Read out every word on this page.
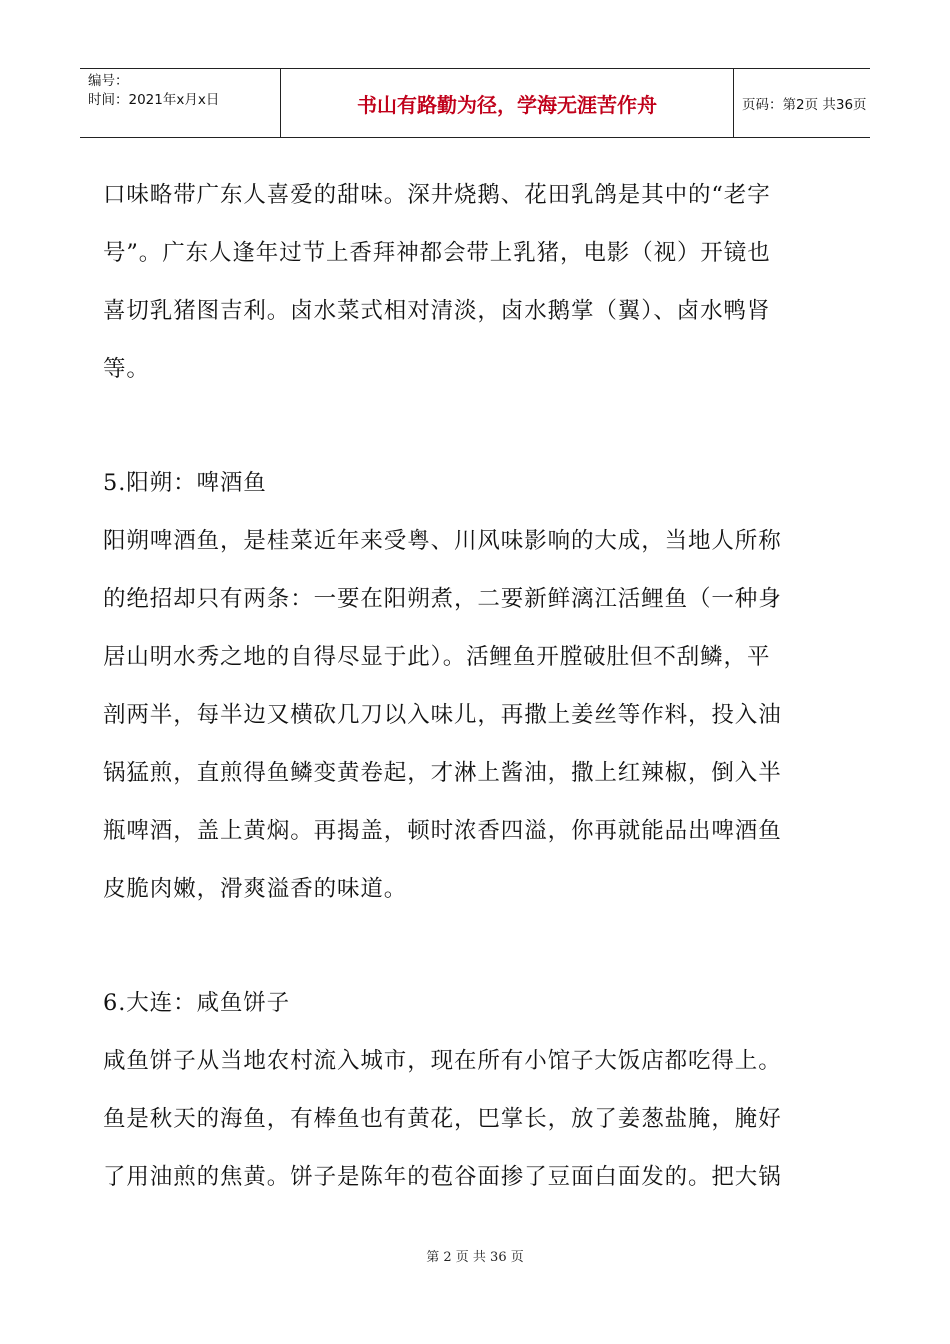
编号：
时间：2021年x月x日	书山有路勤为径，学海无涯苦作舟	页码：第2页 共36页
口味略带广东人喜爱的甜味。深井烧鹅、花田乳鸽是其中的“老字
号”。广东人逢年过节上香拜神都会带上乳猪，电影（视）开镜也
喜切乳猪图吉利。卤水菜式相对清淡，卤水鹅掌（翼）、卤水鸭肾
等。
5.阳朔：啤酒鱼
阳朔啤酒鱼，是桂菜近年来受粤、川风味影响的大成，当地人所称
的绝招却只有两条：一要在阳朔煮，二要新鲜漓江活鲤鱼（一种身
居山明水秀之地的自得尽显于此）。活鲤鱼开膛破肚但不刮鳞，平
剖两半，每半边又横砍几刀以入味儿，再撒上姜丝等作料，投入油
锅猛煎，直煎得鱼鳞变黄卷起，才淋上酱油，撒上红辣椒，倒入半
瓶啤酒，盖上黄焖。再揭盖，顿时浓香四溢，你再就能品出啤酒鱼
皮脆肉嫩，滑爽溢香的味道。
6.大连：咸鱼饼子
咸鱼饼子从当地农村流入城市，现在所有小馆子大饭店都吃得上。
鱼是秋天的海鱼，有棒鱼也有黄花，巴掌长，放了姜葱盐腌，腌好
了用油煎的焦黄。饼子是陈年的苞谷面掺了豆面白面发的。把大锅
第 2 页 共 36 页
